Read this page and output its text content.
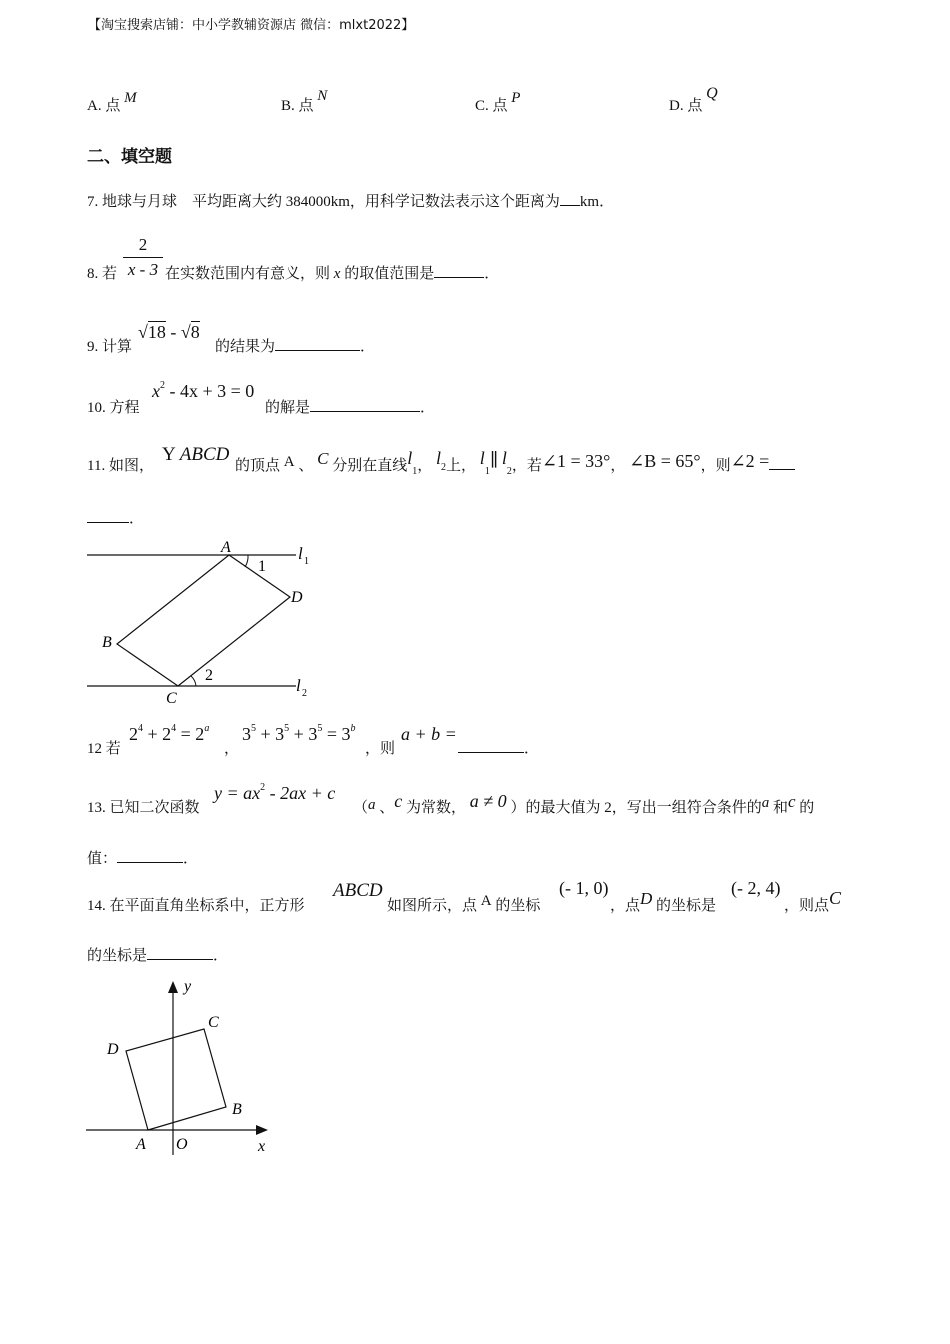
【淘宝搜索店铺：中小学教辅资源店 微信：mlxt2022】
A. 点 M	B. 点 N
C. 点 P	D. 点 Q
二、填空题
7. 地球与月球　平均距离大约 384000km，用科学记数法表示这个距离为 km．
8. 若 $\frac{2}{x - 3}$ 在实数范围内有意义，则 x 的取值范围是	．
9. 计算
√18 - √8
的结果为	．
10. 方程
$x^2 - 4x + 3 = 0$
的解是	．
11. 如图，
Y ABCD
的顶点 A 、 C 分别在直线$l_1$， l2上， $l_1\parallel$ $l_2$，若∠1 = 33°， ∠B = 65°，则∠2 =
．
A
1
D
B
2
C
l 1
l 2
12 若
$2^4 + 2^4 = 2^a$
，
$3^5 + 3^5 + 3^5 = 3^b$
，则
a + b =
．
13. 已知二次函数
$y = ax^2 - 2ax + c$
（a 、c 为常数， a ≠ 0 ）的最大值为 2，写出一组符合条件的a 和c 的
值：	．
14. 在平面直角坐标系中，正方形
ABCD
如图所示，点 A 的坐标
(- 1, 0)
，点D 的坐标是
(- 2, 4)
，则点C
的坐标是	．
y
x
O
A
B
C
D
